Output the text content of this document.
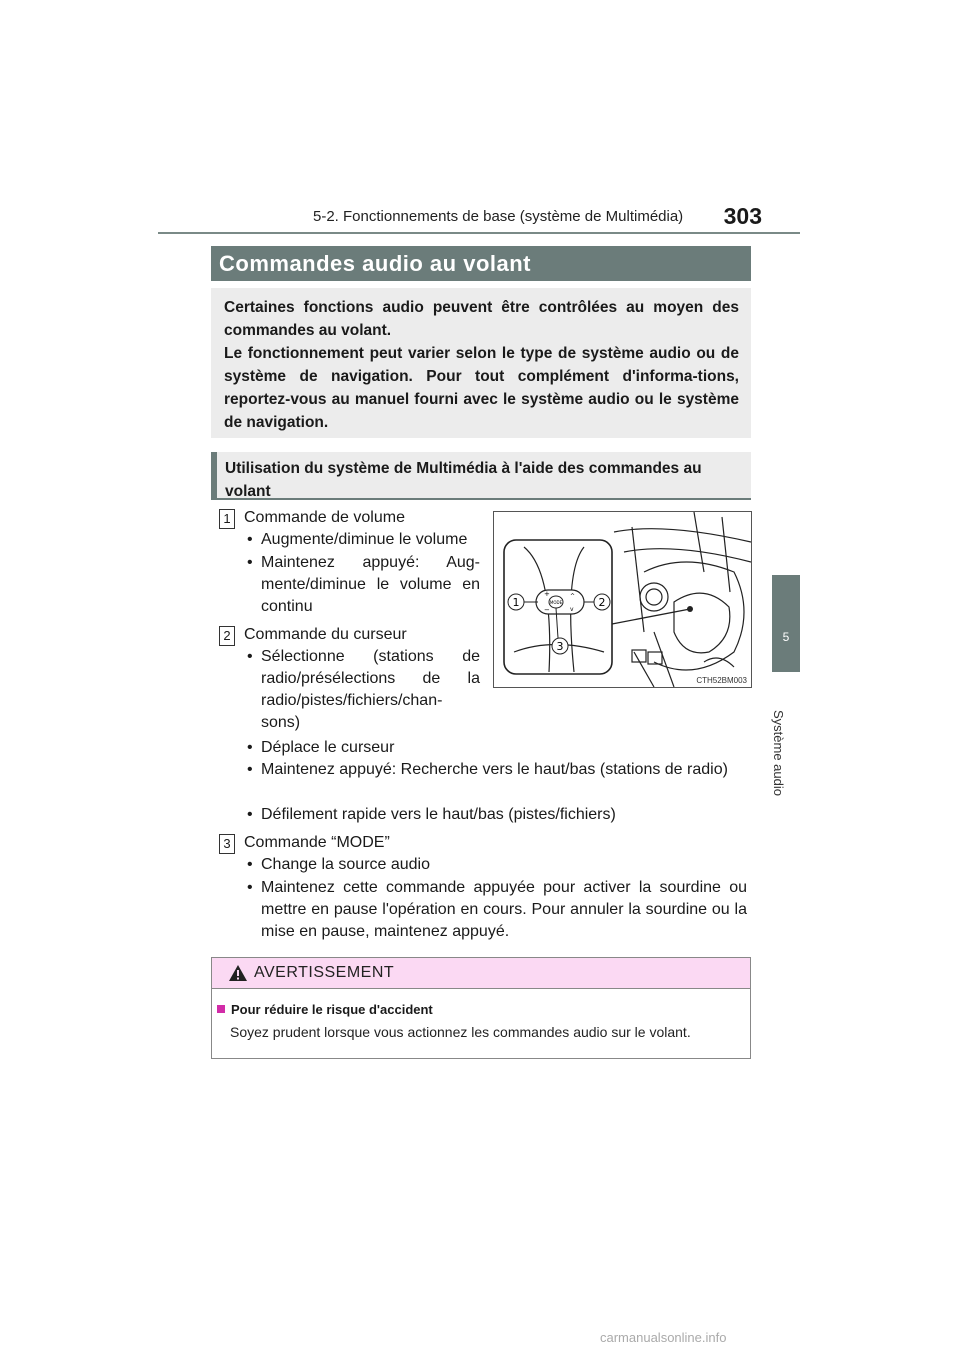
5-2. Fonctionnements de base (système de Multimédia)	303
5
Système audio
Commandes audio au volant

Certaines fonctions audio peuvent être contrôlées au moyen des commandes au volant.

Le fonctionnement peut varier selon le type de système audio ou de système de navigation. Pour tout complément d'informa-tions, reportez-vous au manuel fourni avec le système audio ou le système de navigation.

Utilisation du système de Multimédia à l'aide des commandes au volant
1 Commande de volume
• Augmente/diminue le volume
• Maintenez appuyé: Aug-mente/diminue le volume en continu
2 Commande du curseur
• Sélectionne (stations de radio/présélections de la radio/pistes/fichiers/chan-sons)
• Déplace le curseur
• Maintenez appuyé: Recherche vers le haut/bas (stations de radio)
• Défilement rapide vers le haut/bas (pistes/fichiers)
3 Commande “MODE”
• Change la source audio
• Maintenez cette commande appuyée pour activer la sourdine ou mettre en pause l'opération en cours. Pour annuler la sourdine ou la mise en pause, maintenez appuyé.
MODE
+
−
^
v
1	2
3
CTH52BM003
AVERTISSEMENT
Pour réduire le risque d'accident
Soyez prudent lorsque vous actionnez les commandes audio sur le volant.
carmanualsonline.info
